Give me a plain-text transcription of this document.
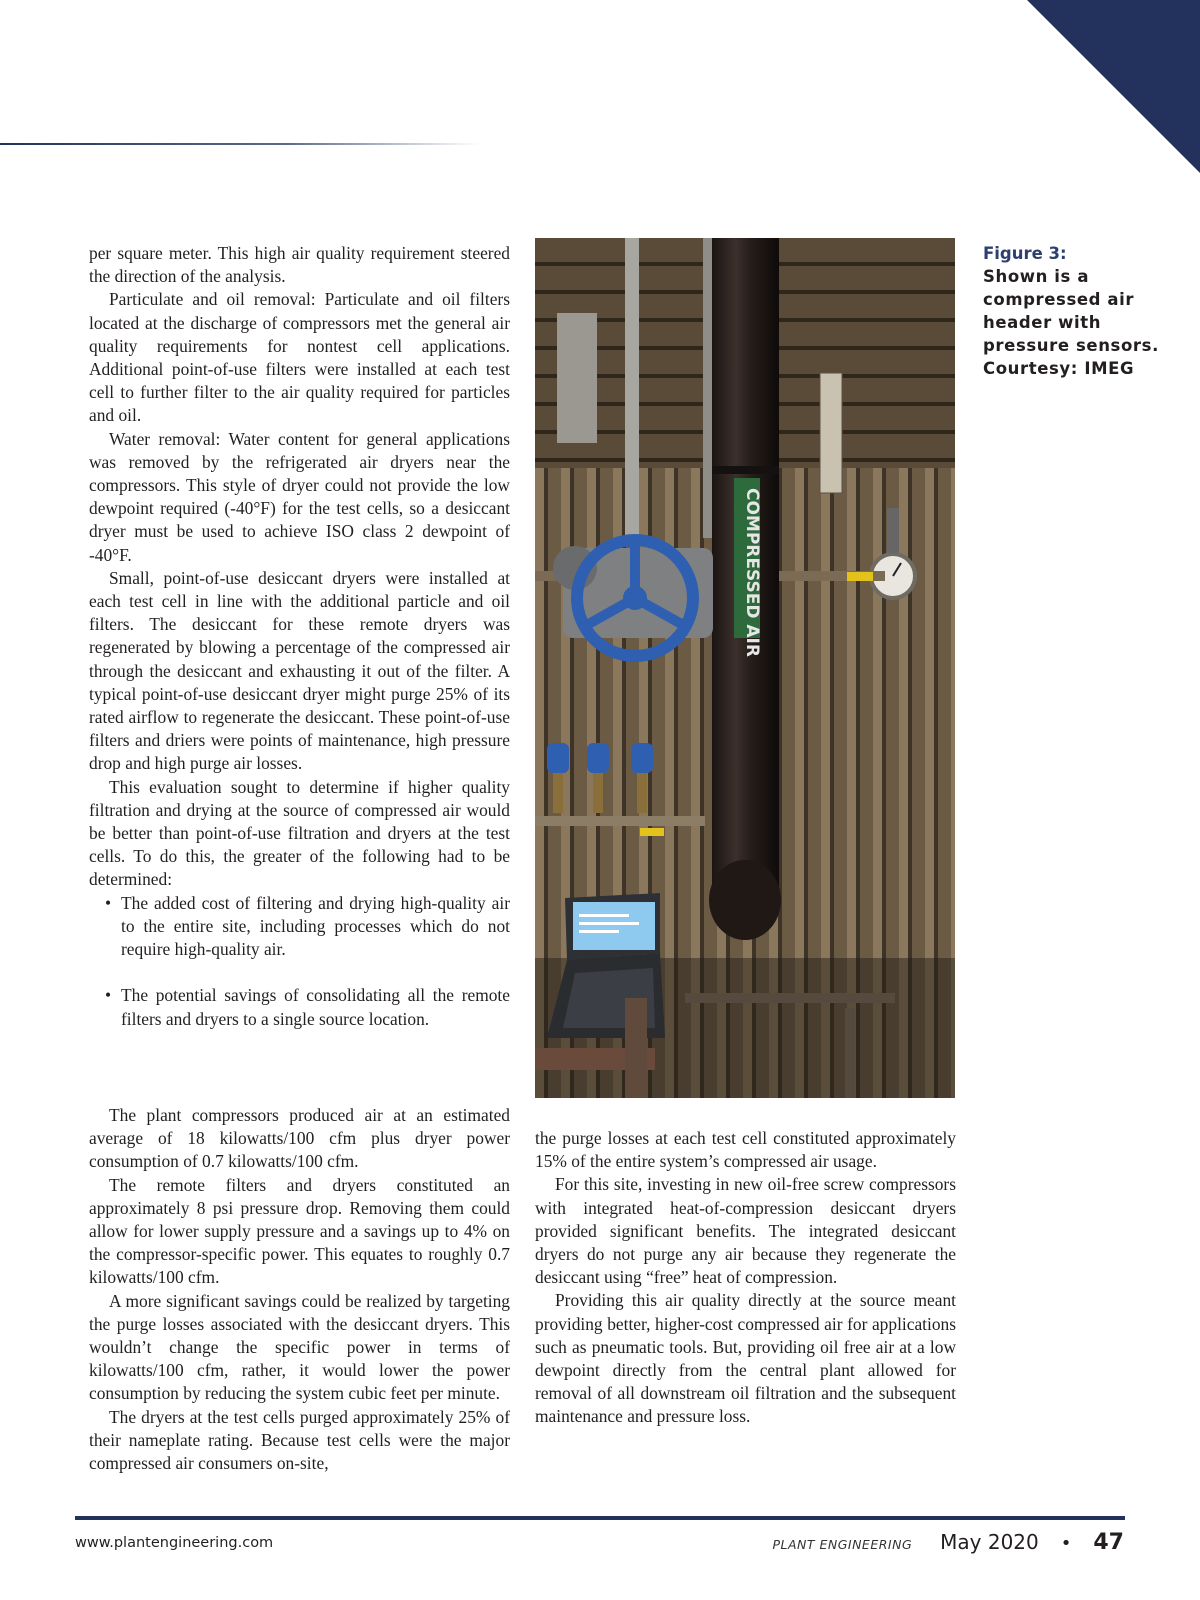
per square meter. This high air quality requirement steered the direction of the analysis.

Particulate and oil removal: Particulate and oil filters located at the discharge of compressors met the general air quality requirements for nontest cell applications. Additional point-of-use filters were installed at each test cell to further filter to the air quality required for particles and oil.

Water removal: Water content for general applications was removed by the refrigerated air dryers near the compressors. This style of dryer could not provide the low dewpoint required (-40°F) for the test cells, so a desiccant dryer must be used to achieve ISO class 2 dewpoint of -40°F.

Small, point-of-use desiccant dryers were installed at each test cell in line with the additional particle and oil filters. The desiccant for these remote dryers was regenerated by blowing a percentage of the compressed air through the desiccant and exhausting it out of the filter. A typical point-of-use desiccant dryer might purge 25% of its rated airflow to regenerate the desiccant. These point-of-use filters and driers were points of maintenance, high pressure drop and high purge air losses.

This evaluation sought to determine if higher quality filtration and drying at the source of compressed air would be better than point-of-use filtration and dryers at the test cells. To do this, the greater of the following had to be determined:

• The added cost of filtering and drying high-quality air to the entire site, including processes which do not require high-quality air.
• The potential savings of consolidating all the remote filters and dryers to a single source location.

The plant compressors produced air at an estimated average of 18 kilowatts/100 cfm plus dryer power consumption of 0.7 kilowatts/100 cfm.

The remote filters and dryers constituted an approximately 8 psi pressure drop. Removing them could allow for lower supply pressure and a savings up to 4% on the compressor-specific power. This equates to roughly 0.7 kilowatts/100 cfm.

A more significant savings could be realized by targeting the purge losses associated with the desiccant dryers. This wouldn’t change the specific power in terms of kilowatts/100 cfm, rather, it would lower the power consumption by reducing the system cubic feet per minute.

The dryers at the test cells purged approximately 25% of their nameplate rating. Because test cells were the major compressed air consumers on-site,

COMPRESSED AIR
Figure 3:
Shown is a compressed air header with pressure sensors. Courtesy: IMEG

the purge losses at each test cell constituted approximately 15% of the entire system’s compressed air usage.

For this site, investing in new oil-free screw compressors with integrated heat-of-compression desiccant dryers provided significant benefits. The integrated desiccant dryers do not purge any air because they regenerate the desiccant using “free” heat of compression.

Providing this air quality directly at the source meant providing better, higher-cost compressed air for applications such as pneumatic tools. But, providing oil free air at a low dewpoint directly from the central plant allowed for removal of all downstream oil filtration and the subsequent maintenance and pressure loss.

www.plantengineering.com	PLANT ENGINEERING May 2020 • 47
